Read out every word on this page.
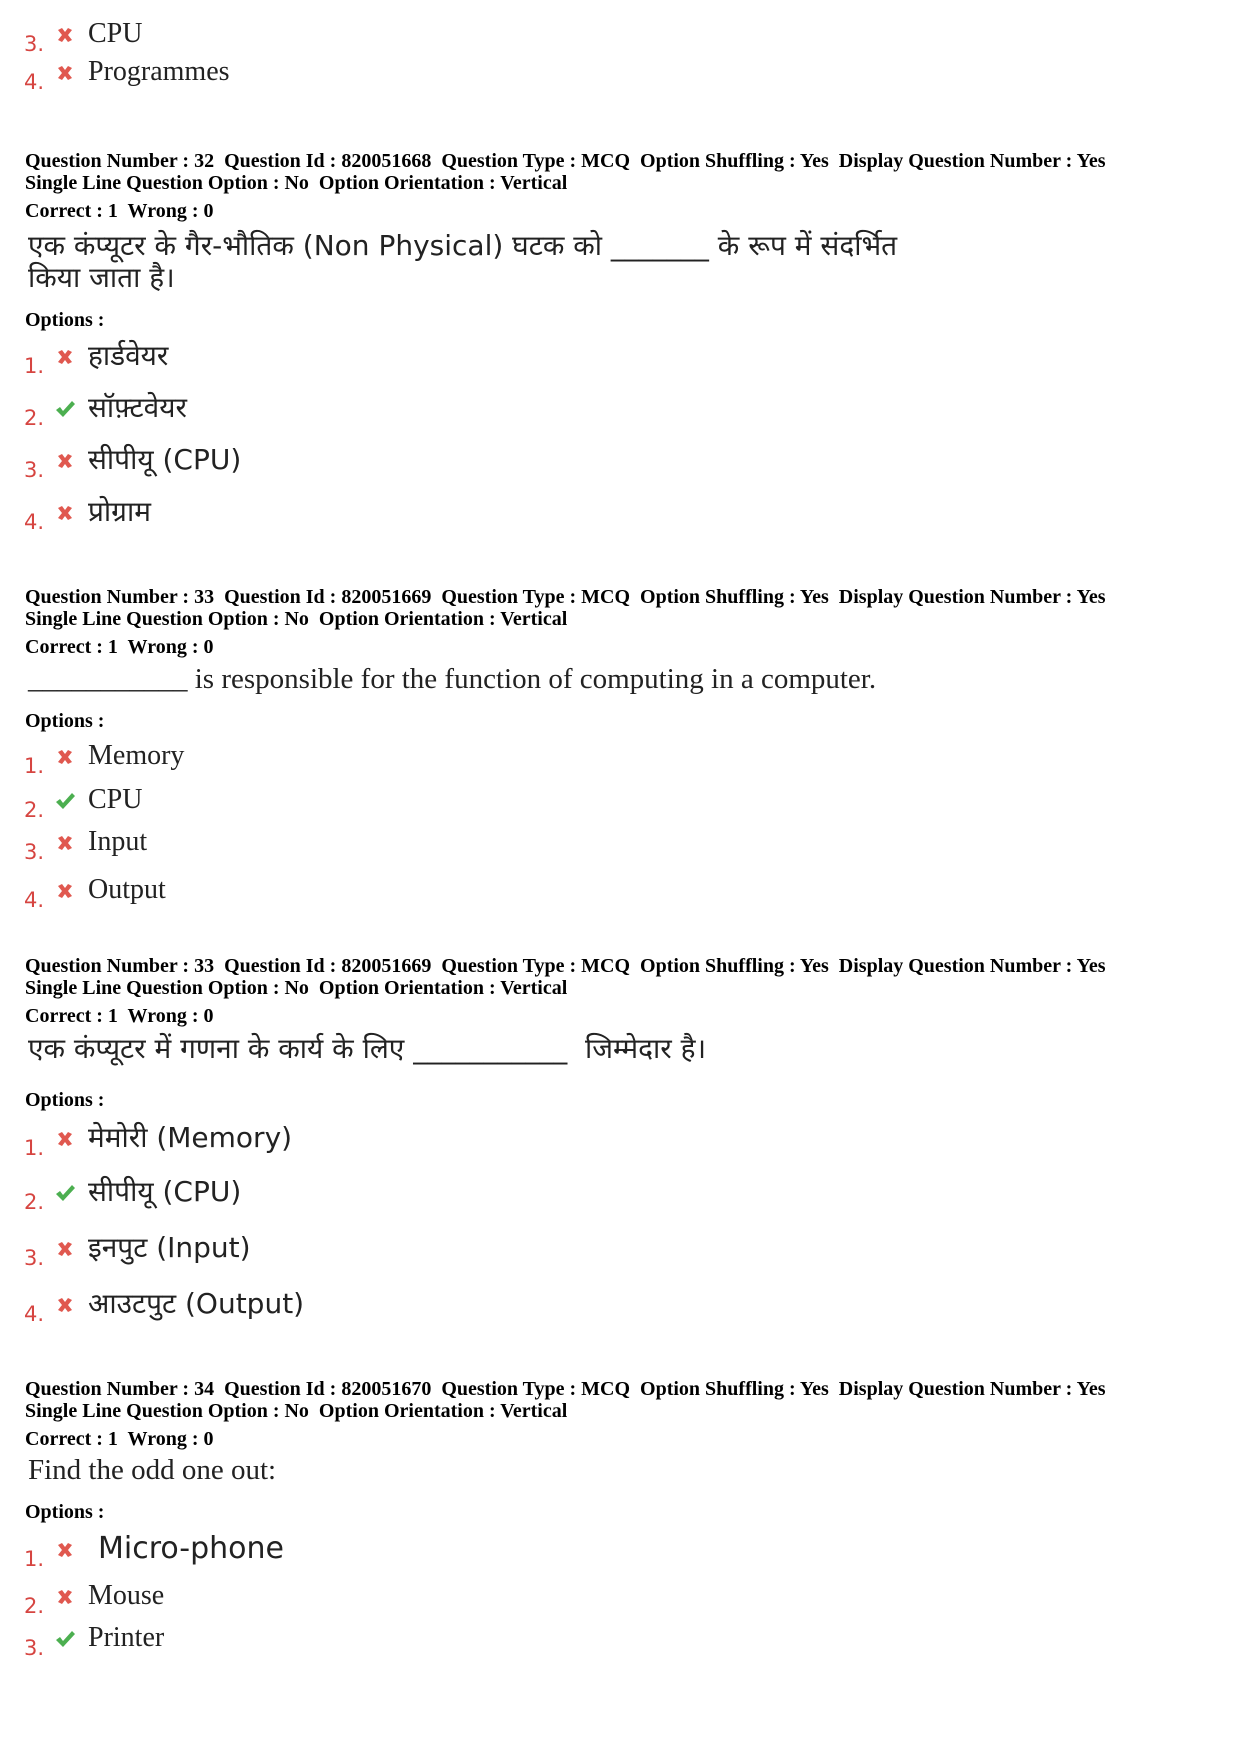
3. CPU
4. Programmes
Question Number : 32  Question Id : 820051668  Question Type : MCQ  Option Shuffling : Yes  Display Question Number : Yes
Single Line Question Option : No  Option Orientation : Vertical
Correct : 1  Wrong : 0
एक कंप्यूटर के गैर-भौतिक (Non Physical) घटक को _______ के रूप में संदर्भित
किया जाता है।
Options :
1. हार्डवेयर
2. सॉफ़्टवेयर
3. सीपीयू (CPU)
4. प्रोग्राम
Question Number : 33  Question Id : 820051669  Question Type : MCQ  Option Shuffling : Yes  Display Question Number : Yes
Single Line Question Option : No  Option Orientation : Vertical
Correct : 1  Wrong : 0
___________ is responsible for the function of computing in a computer.
Options :
1. Memory
2. CPU
3. Input
4. Output
Question Number : 33  Question Id : 820051669  Question Type : MCQ  Option Shuffling : Yes  Display Question Number : Yes
Single Line Question Option : No  Option Orientation : Vertical
Correct : 1  Wrong : 0
एक कंप्यूटर में गणना के कार्य के लिए ___________  जिम्मेदार है।
Options :
1. मेमोरी (Memory)
2. सीपीयू (CPU)
3. इनपुट (Input)
4. आउटपुट (Output)
Question Number : 34  Question Id : 820051670  Question Type : MCQ  Option Shuffling : Yes  Display Question Number : Yes
Single Line Question Option : No  Option Orientation : Vertical
Correct : 1  Wrong : 0
Find the odd one out:
Options :
1. Micro-phone
2. Mouse
3. Printer
